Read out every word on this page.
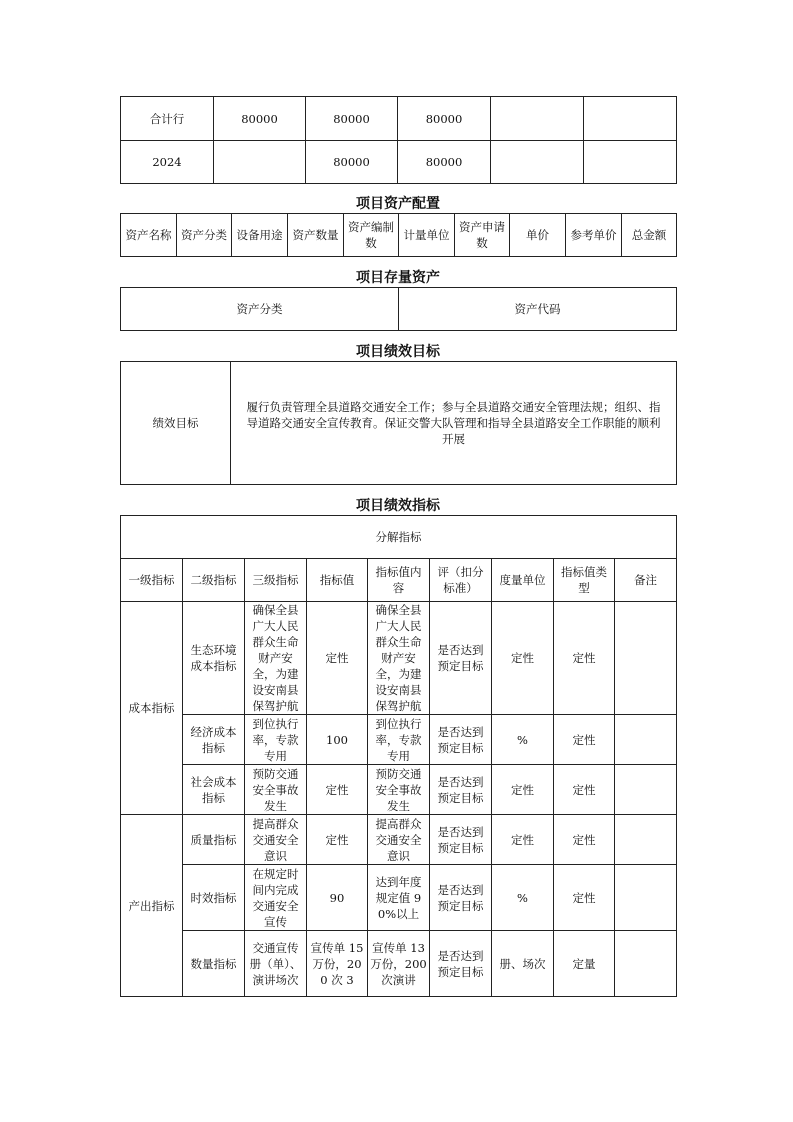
合计行	80000	80000	80000		
2024		80000	80000		
项目资产配置
资产名称	资产分类	设备用途	资产数量	资产编制数	计量单位	资产申请数	单价	参考单价	总金额
项目存量资产
资产分类	资产代码
项目绩效目标
绩效目标	履行负责管理全县道路交通安全工作；参与全县道路交通安全管理法规；组织、指导道路交通安全宣传教育。保证交警大队管理和指导全县道路安全工作职能的顺利开展
项目绩效指标
分解指标								
一级指标	二级指标	三级指标	指标值	指标值内容	评（扣分标准）	度量单位	指标值类型	备注
成本指标	生态环境成本指标	确保全县广大人民群众生命财产安全，为建设安南县保驾护航	定性	确保全县广大人民群众生命财产安全，为建设安南县保驾护航	是否达到预定目标	定性	定性	
	经济成本指标	到位执行率，专款专用	100	到位执行率，专款专用	是否达到预定目标	%	定性	
	社会成本指标	预防交通安全事故发生	定性	预防交通安全事故发生	是否达到预定目标	定性	定性	
产出指标	质量指标	提高群众交通安全意识	定性	提高群众交通安全意识	是否达到预定目标	定性	定性	
	时效指标	在规定时间内完成交通安全宣传	90	达到年度规定值 90%以上	是否达到预定目标	%	定性	
	数量指标	交通宣传册（单）、演讲场次	宣传单 15 万份，200 次 3	宣传单 13 万份，200 次演讲	是否达到预定目标	册、场次	定量	
